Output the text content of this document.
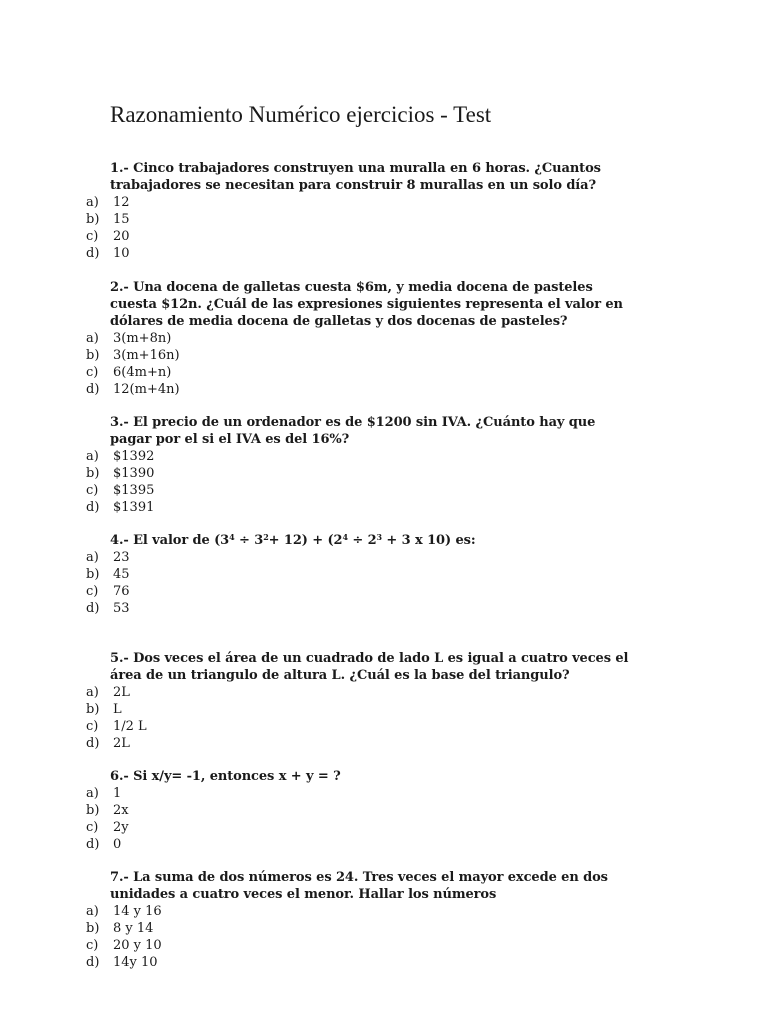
Razonamiento Numérico ejercicios - Test

1.- Cinco trabajadores construyen una muralla en 6 horas. ¿Cuantos
trabajadores se necesitan para construir 8 murallas en un solo día?

a) 12
b) 15
c) 20
d) 10

2.- Una docena de galletas cuesta $6m, y media docena de pasteles
cuesta $12n. ¿Cuál de las expresiones siguientes representa el valor en
dólares de media docena de galletas y dos docenas de pasteles?

a) 3(m+8n)
b) 3(m+16n)
c) 6(4m+n)
d) 12(m+4n)

3.- El precio de un ordenador es de $1200 sin IVA. ¿Cuánto hay que
pagar por el si el IVA es del 16%?

a) $1392
b) $1390
c) $1395
d) $1391

4.- El valor de $(3^4 \div 3^2+ 12) + (2^4 \div 2^3 + 3$ x 10) es:

a) 23
b) 45
c) 76
d) 53

5.- Dos veces el área de un cuadrado de lado L es igual a cuatro veces el
área de un triangulo de altura L. ¿Cuál es la base del triangulo?

a) 2L
b) L
c) 1/2 L
d) 2L

6.- Si x/y= -1, entonces x + y = ?

a) 1
b) 2x
c) 2y
d) 0

7.- La suma de dos números es 24. Tres veces el mayor excede en dos
unidades a cuatro veces el menor. Hallar los números

a) 14 y 16
b) 8 y 14
c) 20 y 10
d) 14y 10
